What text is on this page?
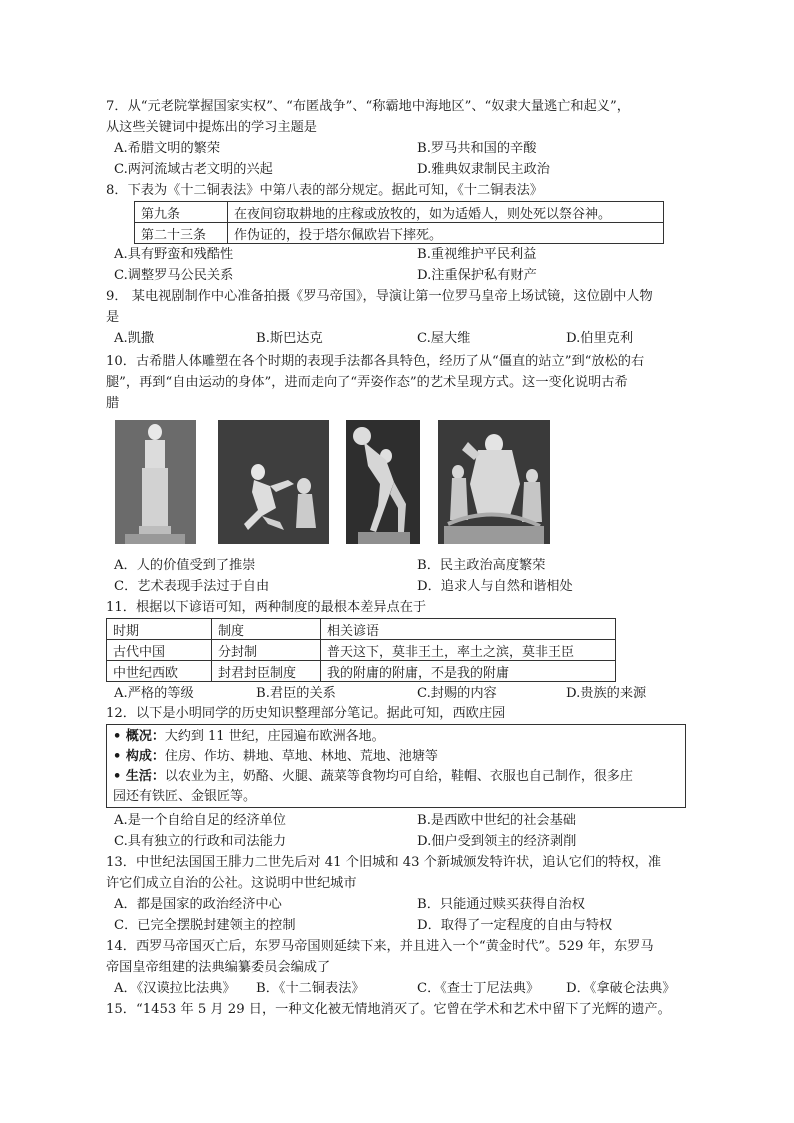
7．从“元老院掌握国家实权”、“布匿战争”、“称霸地中海地区”、“奴隶大量逃亡和起义”，
从这些关键词中提炼出的学习主题是
A.希腊文明的繁荣	B.罗马共和国的辛酸
C.两河流域古老文明的兴起	D.雅典奴隶制民主政治
8．下表为《十二铜表法》中第八表的部分规定。据此可知，《十二铜表法》
第九条	在夜间窃取耕地的庄稼或放牧的，如为适婚人，则处死以祭谷神。
第二十三条	作伪证的，投于塔尔佩欧岩下摔死。
A.具有野蛮和残酷性	B.重视维护平民利益
C.调整罗马公民关系	D.注重保护私有财产
9． 某电视剧制作中心准备拍摄《罗马帝国》，导演让第一位罗马皇帝上场试镜，这位剧中人物
是
A.凯撒	B.斯巴达克	C.屋大维	D.伯里克利
10．古希腊人体雕塑在各个时期的表现手法都各具特色，经历了从“僵直的站立”到“放松的右
腿”，再到“自由运动的身体”，进而走向了“弄姿作态”的艺术呈现方式。这一变化说明古希
腊
A．人的价值受到了推崇	B．民主政治高度繁荣
C．艺术表现手法过于自由	D．追求人与自然和谐相处
11．根据以下谚语可知，两种制度的最根本差异点在于
时期	制度	相关谚语
古代中国	分封制	普天这下，莫非王土，率土之滨，莫非王臣
中世纪西欧	封君封臣制度	我的附庸的附庸，不是我的附庸
A.严格的等级	B.君臣的关系	C.封赐的内容	D.贵族的来源
12．以下是小明同学的历史知识整理部分笔记。据此可知，西欧庄园
• 概况：大约到 11 世纪，庄园遍布欧洲各地。
• 构成：住房、作坊、耕地、草地、林地、荒地、池塘等
• 生活：以农业为主，奶酪、火腿、蔬菜等食物均可自给，鞋帽、衣服也自己制作，很多庄
园还有铁匠、金银匠等。
A.是一个自给自足的经济单位	B.是西欧中世纪的社会基础
C.具有独立的行政和司法能力	D.佃户受到领主的经济剥削
13．中世纪法国国王腓力二世先后对 41 个旧城和 43 个新城颁发特许状，追认它们的特权，准
许它们成立自治的公社。这说明中世纪城市
A．都是国家的政治经济中心	B．只能通过赎买获得自治权
C．已完全摆脱封建领主的控制	D．取得了一定程度的自由与特权
14．西罗马帝国灭亡后，东罗马帝国则延续下来，并且进入一个“黄金时代”。529 年，东罗马
帝国皇帝组建的法典编纂委员会编成了
A．《汉谟拉比法典》 B．《十二铜表法》	C．《查士丁尼法典》 D．《拿破仑法典》
15．“1453 年 5 月 29 日，一种文化被无情地消灭了。它曾在学术和艺术中留下了光辉的遗产。
